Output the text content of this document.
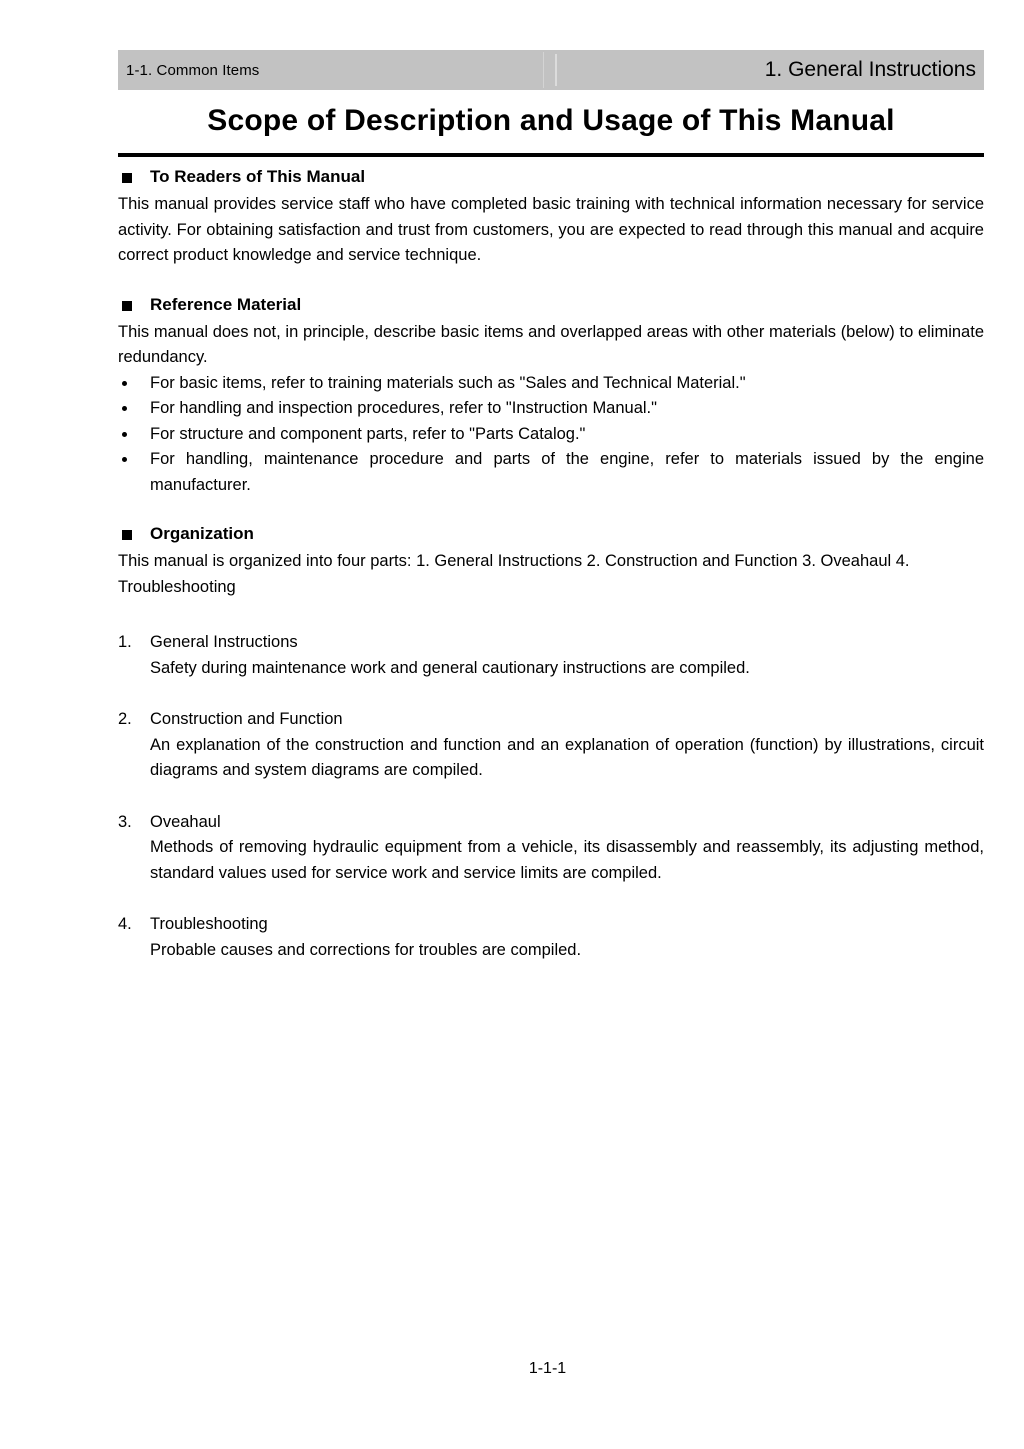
1-1. Common Items	1. General Instructions
Scope of Description and Usage of This Manual
To Readers of This Manual

This manual provides service staff who have completed basic training with technical information necessary for service activity. For obtaining satisfaction and trust from customers, you are expected to read through this manual and acquire correct product knowledge and service technique.

Reference Material

This manual does not, in principle, describe basic items and overlapped areas with other materials (below) to eliminate redundancy.

For basic items, refer to training materials such as "Sales and Technical Material."
For handling and inspection procedures, refer to "Instruction Manual."
For structure and component parts, refer to "Parts Catalog."
For handling, maintenance procedure and parts of the engine, refer to materials issued by the engine manufacturer.
Organization

This manual is organized into four parts: 1. General Instructions 2. Construction and Function 3. Oveahaul 4. Troubleshooting

1. General Instructions
Safety during maintenance work and general cautionary instructions are compiled.
2. Construction and Function
An explanation of the construction and function and an explanation of operation (function) by illustrations, circuit diagrams and system diagrams are compiled.
3. Oveahaul
Methods of removing hydraulic equipment from a vehicle, its disassembly and reassembly, its adjusting method, standard values used for service work and service limits are compiled.
4. Troubleshooting
Probable causes and corrections for troubles are compiled.
1-1-1
